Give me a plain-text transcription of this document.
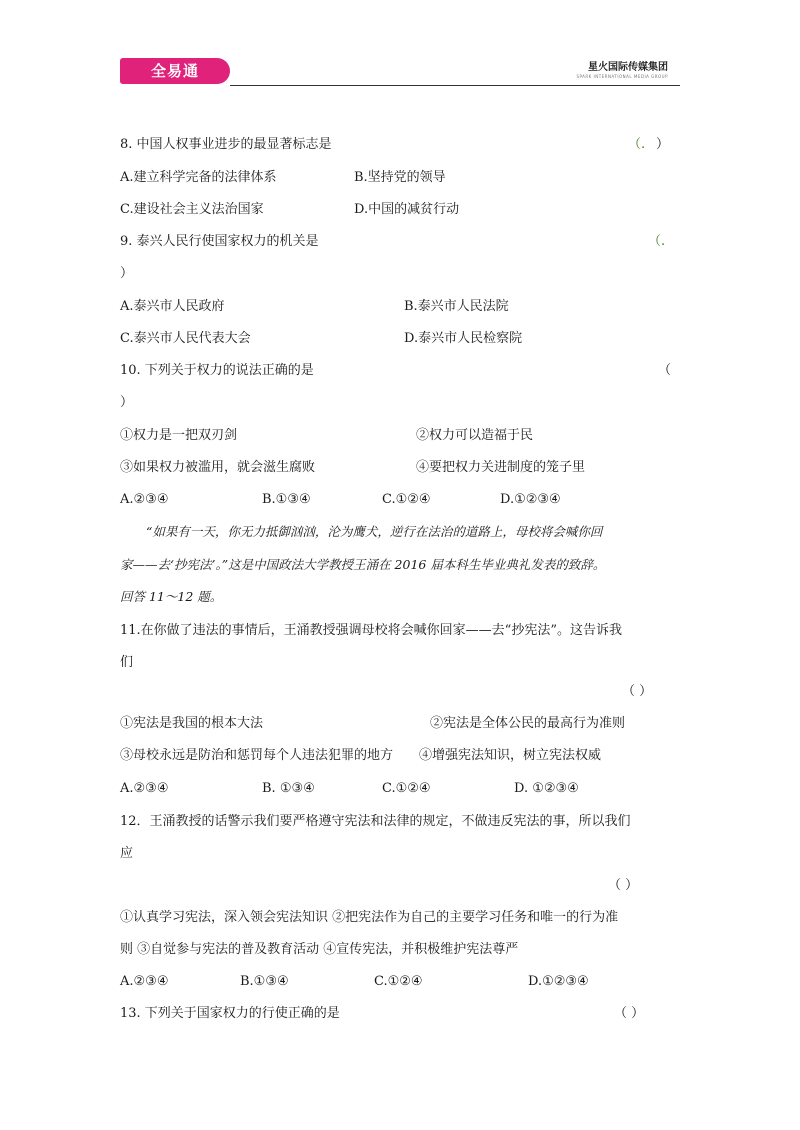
全易通	星火国际传媒集团
SPARK INTERNATIONAL MEDIA GROUP
8. 中国人权事业进步的最显著标志是	（. ）
A.建立科学完备的法律体系	B.坚持党的领导
C.建设社会主义法治国家	D.中国的减贫行动
9. 泰兴人民行使国家权力的机关是	（.
）
A.泰兴市人民政府	B.泰兴市人民法院
C.泰兴市人民代表大会	D.泰兴市人民检察院
10. 下列关于权力的说法正确的是	（
）
①权力是一把双刃剑	②权力可以造福于民
③如果权力被滥用，就会滋生腐败	④要把权力关进制度的笼子里
A.②③④	B.①③④	C.①②④	D.①②③④
“如果有一天，你无力抵御汹汹，沦为鹰犬，逆行在法治的道路上，母校将会喊你回
家——去‘抄宪法’。”这是中国政法大学教授王涌在 2016 届本科生毕业典礼发表的致辞。
回答 11～12 题。
11.在你做了违法的事情后，王涌教授强调母校将会喊你回家——去“抄宪法”。这告诉我
们
（ ）
①宪法是我国的根本大法	②宪法是全体公民的最高行为准则
③母校永远是防治和惩罚每个人违法犯罪的地方 ④增强宪法知识，树立宪法权威
A.②③④	B. ①③④	C.①②④	D. ①②③④
12．王涌教授的话警示我们要严格遵守宪法和法律的规定，不做违反宪法的事，所以我们
应
（ ）
①认真学习宪法，深入领会宪法知识 ②把宪法作为自己的主要学习任务和唯一的行为准
则 ③自觉参与宪法的普及教育活动 ④宣传宪法，并积极维护宪法尊严
A.②③④	B.①③④	C.①②④	D.①②③④
13. 下列关于国家权力的行使正确的是	（ ）
